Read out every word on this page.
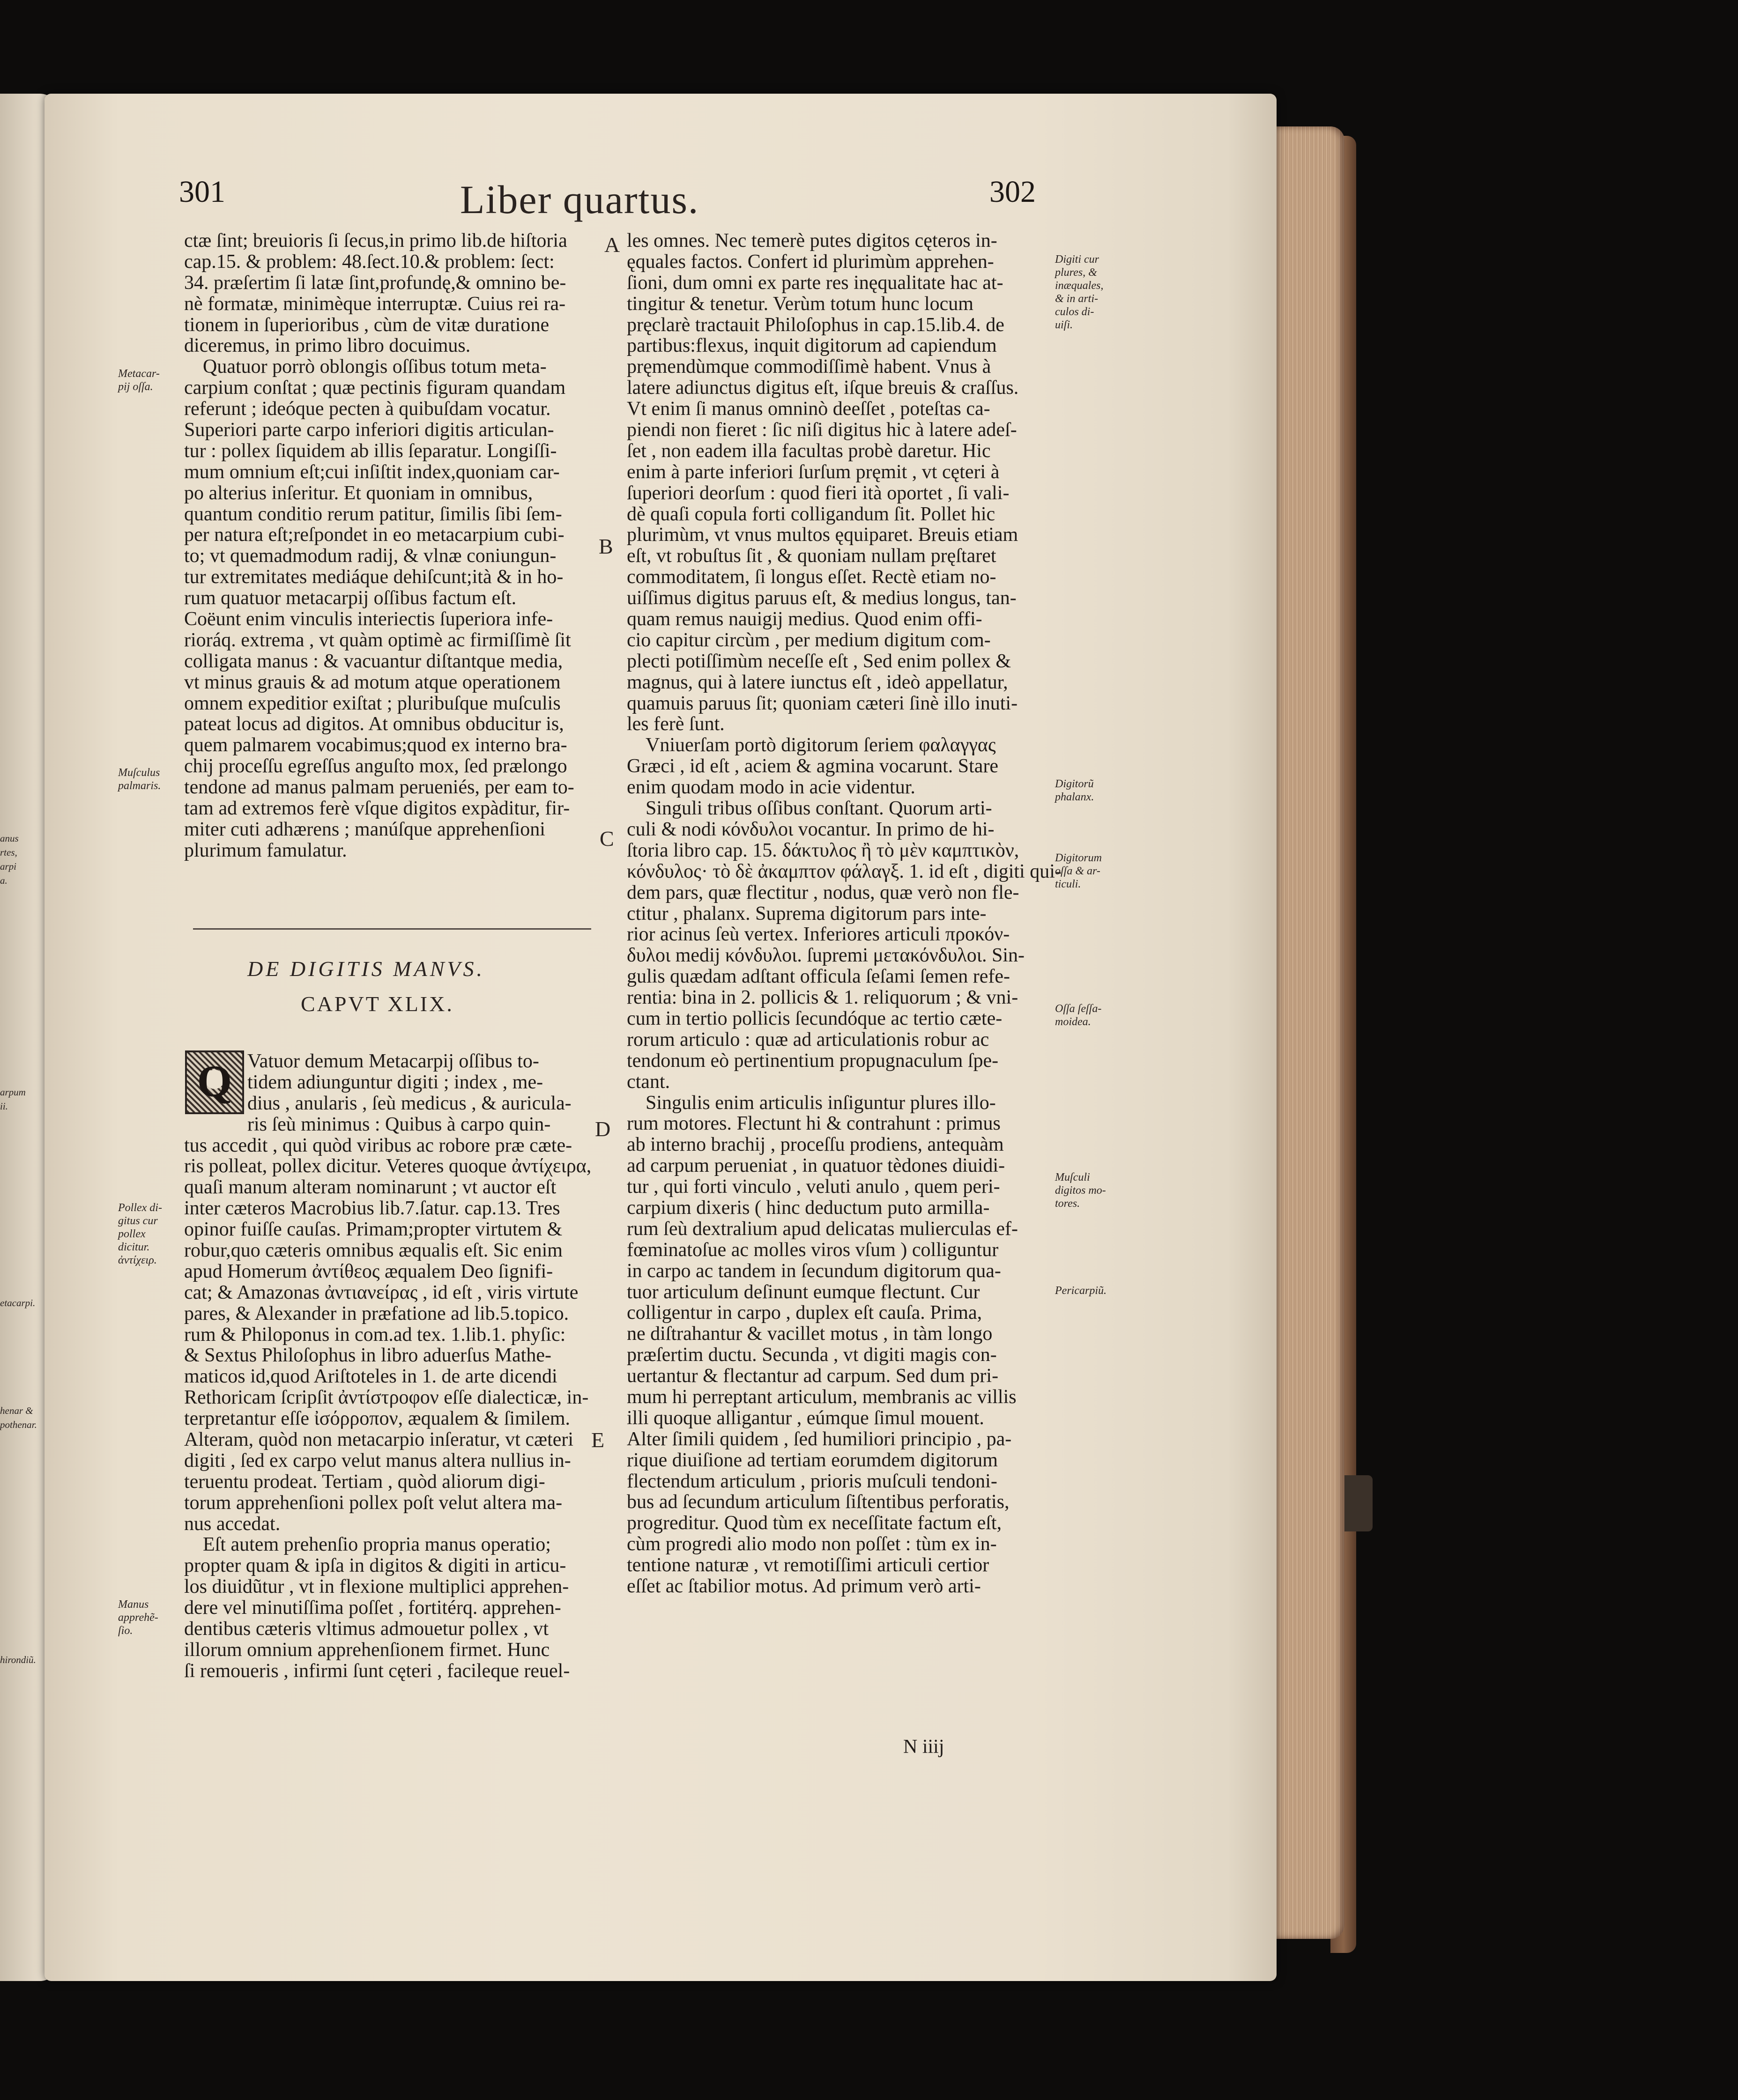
301	Liber quartus.	302
anus
rtes,
arpi
a.
arpum
ii.
etacarpi.
henar &
pothenar.
hirondiũ.
ctæ ſint; breuioris ſi ſecus,in primo lib.de hiſtoria
cap.15. & problem: 48.ſect.10.& problem: ſect:
34. præſertim ſi latæ ſint,profundę,& omnino be-
nè formatæ, minimèque interruptæ. Cuius rei ra-
tionem in ſuperioribus , cùm de vitæ duratione
diceremus, in primo libro docuimus.
Quatuor porrò oblongis oſſibus totum meta-
carpium conſtat ; quæ pectinis figuram quandam
referunt ; ideóque pecten à quibuſdam vocatur.
Superiori parte carpo inferiori digitis articulan-
tur : pollex ſiquidem ab illis ſeparatur. Longiſſi-
mum omnium eſt;cui inſiſtit index,quoniam car-
po alterius inſeritur. Et quoniam in omnibus,
quantum conditio rerum patitur, ſimilis ſibi ſem-
per natura eſt;reſpondet in eo metacarpium cubi-
to; vt quemadmodum radij, & vlnæ coniungun-
tur extremitates mediáque dehiſcunt;ità & in ho-
rum quatuor metacarpij oſſibus factum eſt.
Coëunt enim vinculis interiectis ſuperiora infe-
rioráq. extrema , vt quàm optimè ac firmiſſimè ſit
colligata manus : & vacuantur diſtantque media,
vt minus grauis & ad motum atque operationem
omnem expeditior exiſtat ; pluribuſque muſculis
pateat locus ad digitos. At omnibus obducitur is,
quem palmarem vocabimus;quod ex interno bra-
chij proceſſu egreſſus anguſto mox, ſed prælongo
tendone ad manus palmam perueniés, per eam to-
tam ad extremos ferè vſque digitos expàditur, fir-
miter cuti adhærens ; manúſque apprehenſioni
plurimum famulatur.
Metacar-
pij oſſa.
Muſculus
palmaris.
Pollex di-
gitus cur
pollex
dicitur.
ἀντίχειρ.
Manus
apprehẽ-
ſio.
DE DIGITIS MANVS.
CAPVT XLIX.
Q Vatuor demum Metacarpij oſſibus to-
tidem adiunguntur digiti ; index , me-
dius , anularis , ſeù medicus , & auricula-
ris ſeù minimus : Quibus à carpo quin-
tus accedit , qui quòd viribus ac robore præ cæte-
ris polleat, pollex dicitur. Veteres quoque ἀντίχειρα,
quaſi manum alteram nominarunt ; vt auctor eſt
inter cæteros Macrobius lib.7.ſatur. cap.13. Tres
opinor fuiſſe cauſas. Primam;propter virtutem &
robur,quo cæteris omnibus æqualis eſt. Sic enim
apud Homerum ἀντίθεος æqualem Deo ſignifi-
cat; & Amazonas ἀντιανείρας , id eſt , viris virtute
pares, & Alexander in præfatione ad lib.5.topico.
rum & Philoponus in com.ad tex. 1.lib.1. phyſic:
& Sextus Philoſophus in libro aduerſus Mathe-
maticos id,quod Ariſtoteles in 1. de arte dicendi
Rethoricam ſcripſit ἀντίστροφον eſſe dialecticæ, in-
terpretantur eſſe ἰσόρροπον, æqualem & ſimilem.
Alteram, quòd non metacarpio inſeratur, vt cæteri
digiti , ſed ex carpo velut manus altera nullius in-
teruentu prodeat. Tertiam , quòd aliorum digi-
torum apprehenſioni pollex poſt velut altera ma-
nus accedat.
Eſt autem prehenſio propria manus operatio;
propter quam & ipſa in digitos & digiti in articu-
los diuidũtur , vt in flexione multiplici apprehen-
dere vel minutiſſima poſſet , fortitérq. apprehen-
dentibus cæteris vltimus admouetur pollex , vt
illorum omnium apprehenſionem firmet. Hunc
ſi remoueris , infirmi ſunt cęteri , facileque reuel-
A
B
C
D
E
les omnes. Nec temerè putes digitos cęteros in-
ęquales factos. Confert id plurimùm apprehen-
ſioni, dum omni ex parte res inęqualitate hac at-
tingitur & tenetur. Verùm totum hunc locum
pręclarè tractauit Philoſophus in cap.15.lib.4. de
partibus:flexus, inquit digitorum ad capiendum
pręmendùmque commodiſſimè habent. Vnus à
latere adiunctus digitus eſt, iſque breuis & craſſus.
Vt enim ſi manus omninò deeſſet , poteſtas ca-
piendi non fieret : ſic niſi digitus hic à latere adeſ-
ſet , non eadem illa facultas probè daretur. Hic
enim à parte inferiori ſurſum pręmit , vt cęteri à
ſuperiori deorſum : quod fieri ità oportet , ſi vali-
dè quaſi copula forti colligandum ſit. Pollet hic
plurimùm, vt vnus multos ęquiparet. Breuis etiam
eſt, vt robuſtus ſit , & quoniam nullam pręſtaret
commoditatem, ſi longus eſſet. Rectè etiam no-
uiſſimus digitus paruus eſt, & medius longus, tan-
quam remus nauigij medius. Quod enim offi-
cio capitur circùm , per medium digitum com-
plecti potiſſimùm neceſſe eſt , Sed enim pollex &
magnus, qui à latere iunctus eſt , ideò appellatur,
quamuis paruus ſit; quoniam cæteri ſinè illo inuti-
les ferè ſunt.
Vniuerſam portò digitorum ſeriem φαλαγγας
Græci , id eſt , aciem & agmina vocarunt. Stare
enim quodam modo in acie videntur.
Singuli tribus oſſibus conſtant. Quorum arti-
culi & nodi κόνδυλοι vocantur. In primo de hi-
ſtoria libro cap. 15. δάκτυλος ἢ τὸ μὲν καμπτικὸν,
κόνδυλος· τὸ δὲ ἀκαμπτον φάλαγξ. 1. id eſt , digiti qui-
dem pars, quæ flectitur , nodus, quæ verò non fle-
ctitur , phalanx. Suprema digitorum pars inte-
rior acinus ſeù vertex. Inferiores articuli προκόν-
δυλοι medij κόνδυλοι. ſupremi μετακόνδυλοι. Sin-
gulis quædam adſtant officula ſeſami ſemen refe-
rentia: bina in 2. pollicis & 1. reliquorum ; & vni-
cum in tertio pollicis ſecundóque ac tertio cæte-
rorum articulo : quæ ad articulationis robur ac
tendonum eò pertinentium propugnaculum ſpe-
ctant.
Singulis enim articulis inſiguntur plures illo-
rum motores. Flectunt hi & contrahunt : primus
ab interno brachij , proceſſu prodiens, antequàm
ad carpum perueniat , in quatuor tèdones diuidi-
tur , qui forti vinculo , veluti anulo , quem peri-
carpium dixeris ( hinc deductum puto armilla-
rum ſeù dextralium apud delicatas mulierculas ef-
fœminatoſue ac molles viros vſum ) colliguntur
in carpo ac tandem in ſecundum digitorum qua-
tuor articulum deſinunt eumque flectunt. Cur
colligentur in carpo , duplex eſt cauſa. Prima,
ne diſtrahantur & vacillet motus , in tàm longo
præſertim ductu. Secunda , vt digiti magis con-
uertantur & flectantur ad carpum. Sed dum pri-
mum hi perreptant articulum, membranis ac villis
illi quoque alligantur , eúmque ſimul mouent.
Alter ſimili quidem , ſed humiliori principio , pa-
rique diuiſione ad tertiam eorumdem digitorum
flectendum articulum , prioris muſculi tendoni-
bus ad ſecundum articulum ſiſtentibus perforatis,
progreditur. Quod tùm ex neceſſitate factum eſt,
cùm progredi alio modo non poſſet : tùm ex in-
tentione naturæ , vt remotiſſimi articuli certior
eſſet ac ſtabilior motus. Ad primum verò arti-
Digiti cur
plures, &
inæquales,
& in arti-
culos di-
uiſi.
Digitorũ
phalanx.
Digitorum
oſſa & ar-
ticuli.
Oſſa ſeſſa-
moidea.
Muſculi
digitos mo-
tores.
Pericarpiũ.
N iiij
